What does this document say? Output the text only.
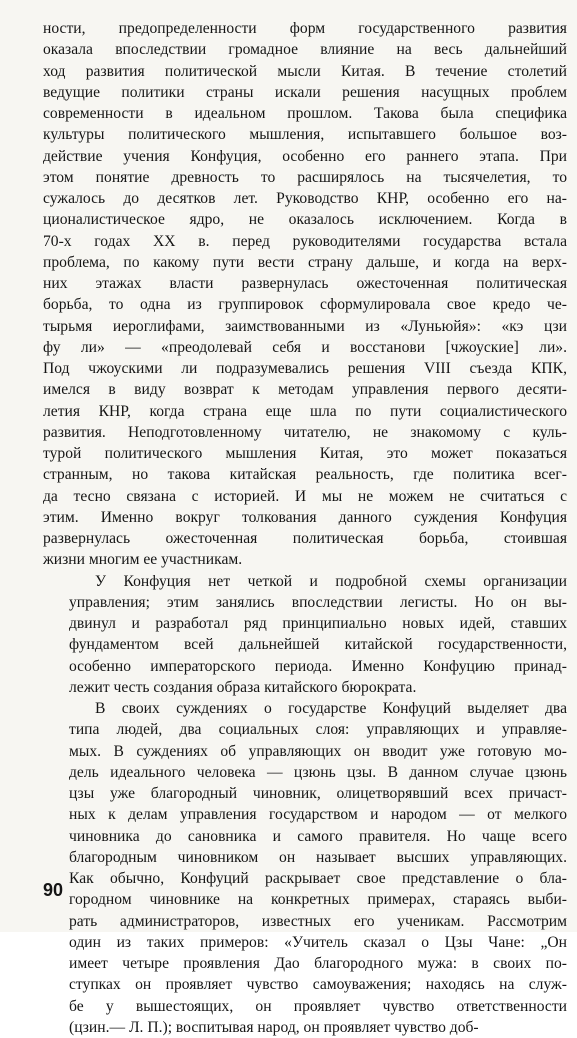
ности, предопределенности форм государственного развития
оказала впоследствии громадное влияние на весь дальнейший
ход развития политической мысли Китая. В течение столетий
ведущие политики страны искали решения насущных проблем
современности в идеальном прошлом. Такова была специфика
культуры политического мышления, испытавшего большое воз-
действие учения Конфуция, особенно его раннего этапа. При
этом понятие древность то расширялось на тысячелетия, то
сужалось до десятков лет. Руководство КНР, особенно его на-
ционалистическое ядро, не оказалось исключением. Когда в
70-х годах XX в. перед руководителями государства встала
проблема, по какому пути вести страну дальше, и когда на верх-
них этажах власти развернулась ожесточенная политическая
борьба, то одна из группировок сформулировала свое кредо че-
тырьмя иероглифами, заимствованными из «Луньюйя»: «кэ цзи
фу ли» — «преодолевай себя и восстанови [чжоуские] ли».
Под чжоускими ли подразумевались решения VIII съезда КПК,
имелся в виду возврат к методам управления первого десяти-
летия КНР, когда страна еще шла по пути социалистического
развития. Неподготовленному читателю, не знакомому с куль-
турой политического мышления Китая, это может показаться
странным, но такова китайская реальность, где политика всег-
да тесно связана с историей. И мы не можем не считаться с
этим. Именно вокруг толкования данного суждения Конфуция
развернулась ожесточенная политическая борьба, стоившая
жизни многим ее участникам.

У Конфуция нет четкой и подробной схемы организации
управления; этим занялись впоследствии легисты. Но он вы-
двинул и разработал ряд принципиально новых идей, ставших
фундаментом всей дальнейшей китайской государственности,
особенно императорского периода. Именно Конфуцию принад-
лежит честь создания образа китайского бюрократа.

В своих суждениях о государстве Конфуций выделяет два
типа людей, два социальных слоя: управляющих и управляе-
мых. В суждениях об управляющих он вводит уже готовую мо-
дель идеального человека — цзюнь цзы. В данном случае цзюнь
цзы уже благородный чиновник, олицетворявший всех причаст-
ных к делам управления государством и народом — от мелкого
чиновника до сановника и самого правителя. Но чаще всего
благородным чиновником он называет высших управляющих.
Как обычно, Конфуций раскрывает свое представление о бла-
городном чиновнике на конкретных примерах, стараясь выби-
рать администраторов, известных его ученикам. Рассмотрим
один из таких примеров: «Учитель сказал о Цзы Чане: „Он
имеет четыре проявления Дао благородного мужа: в своих по-
ступках он проявляет чувство самоуважения; находясь на служ-
бе у вышестоящих, он проявляет чувство ответственности
(цзин.— Л. П.); воспитывая народ, он проявляет чувство доб-

90
